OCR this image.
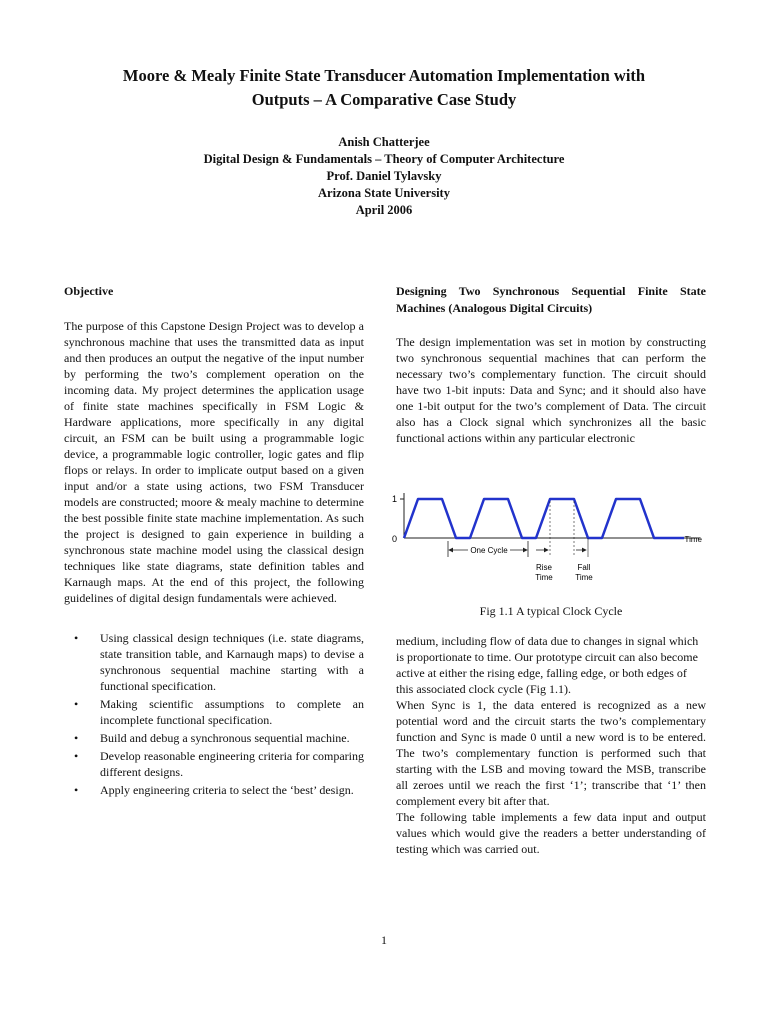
Moore & Mealy Finite State Transducer Automation Implementation with
Outputs – A Comparative Case Study
Anish Chatterjee
Digital Design & Fundamentals – Theory of Computer Architecture
Prof. Daniel Tylavsky
Arizona State University
April 2006
Objective

The purpose of this Capstone Design Project was to develop a synchronous machine that uses the transmitted data as input and then produces an output the negative of the input number by performing the two’s complement operation on the incoming data. My project determines the application usage of finite state machines specifically in FSM Logic & Hardware applications, more specifically in any digital circuit, an FSM can be built using a programmable logic device, a programmable logic controller, logic gates and flip flops or relays. In order to implicate output based on a given input and/or a state using actions, two FSM Transducer models are constructed; moore & mealy machine to determine the best possible finite state machine implementation. As such the project is designed to gain experience in building a synchronous state machine model using the classical design techniques like state diagrams, state definition tables and Karnaugh maps. At the end of this project, the following guidelines of digital design fundamentals were achieved.

• Using classical design techniques (i.e. state diagrams, state transition table, and Karnaugh maps) to devise a synchronous sequential machine starting with a functional specification.
• Making scientific assumptions to complete an incomplete functional specification.
• Build and debug a synchronous sequential machine.
• Develop reasonable engineering criteria for comparing different designs.
• Apply engineering criteria to select the ‘best’ design.
Designing Two Synchronous Sequential Finite State Machines (Analogous Digital Circuits)

The design implementation was set in motion by constructing two synchronous sequential machines that can perform the necessary two’s complementary function. The circuit should have two 1-bit inputs: Data and Sync; and it should also have one 1-bit output for the two’s complement of Data. The circuit also has a Clock signal which synchronizes all the basic functional actions within any particular electronic

1
0	Time
One Cycle
Rise
Time
Fall
Time

Fig 1.1 A typical Clock Cycle

medium, including flow of data due to changes in signal which is proportionate to time. Our prototype circuit can also become active at either the rising edge, falling edge, or both edges of this associated clock cycle (Fig 1.1).

When Sync is 1, the data entered is recognized as a new potential word and the circuit starts the two’s complementary function and Sync is made 0 until a new word is to be entered. The two’s complementary function is performed such that starting with the LSB and moving toward the MSB, transcribe all zeroes until we reach the first ‘1’; transcribe that ‘1’ then complement every bit after that.

The following table implements a few data input and output values which would give the readers a better understanding of testing which was carried out.

1
